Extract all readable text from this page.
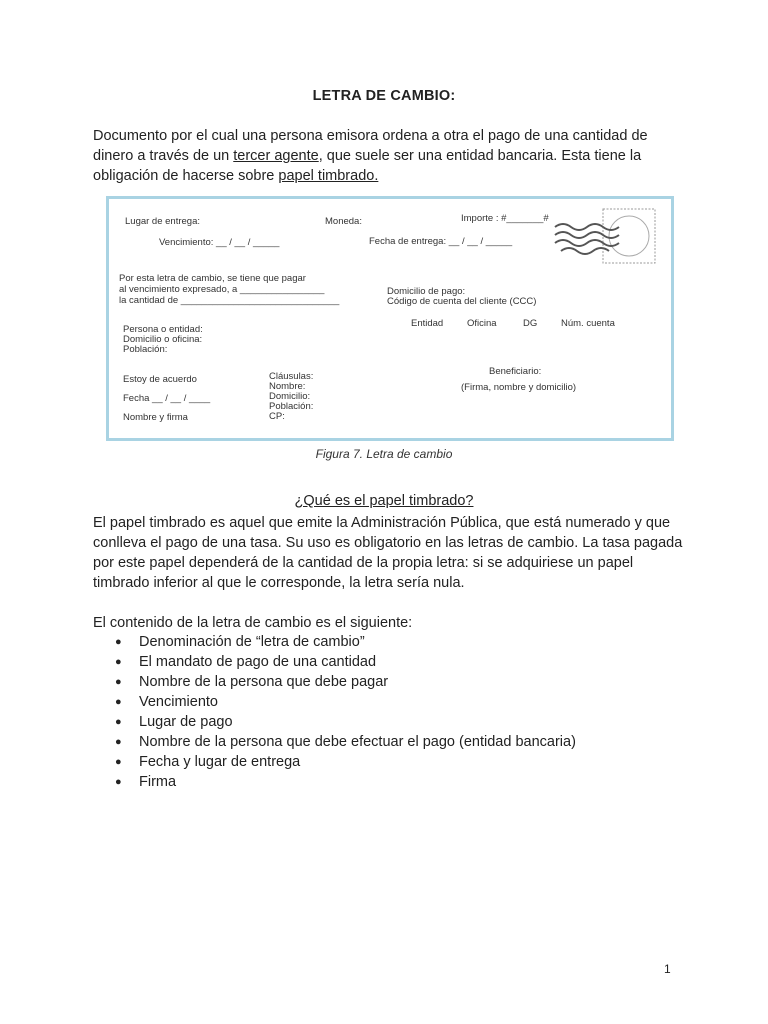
LETRA DE CAMBIO:
Documento por el cual una persona emisora ordena a otra el pago de una cantidad de dinero a través de un tercer agente, que suele ser una entidad bancaria. Esta tiene la obligación de hacerse sobre papel timbrado.
Lugar de entrega:	Moneda:	Importe : #_______#
Vencimiento: __ / __ / _____	Fecha de entrega: __ / __ / _____
Por esta letra de cambio, se tiene que pagar
al vencimiento expresado, a ________________
la cantidad de ______________________________
Domicilio de pago:
Código de cuenta del cliente (CCC)
Entidad	Oficina	DG	Núm. cuenta
Persona o entidad:
Domicilio o oficina:
Población:
Estoy de acuerdo
Fecha __ / __ / ____
Nombre y firma
Cláusulas:
Nombre:
Domicilio:
Población:
CP:
Beneficiario:
(Firma, nombre y domicilio)
Figura 7. Letra de cambio
¿Qué es el papel timbrado?
El papel timbrado es aquel que emite la Administración Pública, que está numerado y que conlleva el pago de una tasa. Su uso es obligatorio en las letras de cambio. La tasa pagada por este papel dependerá de la cantidad de la propia letra: si se adquiriese un papel timbrado inferior al que le corresponde, la letra sería nula.
El contenido de la letra de cambio es el siguiente:
● Denominación de “letra de cambio”
● El mandato de pago de una cantidad
● Nombre de la persona que debe pagar
● Vencimiento
● Lugar de pago
● Nombre de la persona que debe efectuar el pago (entidad bancaria)
● Fecha y lugar de entrega
● Firma
1
